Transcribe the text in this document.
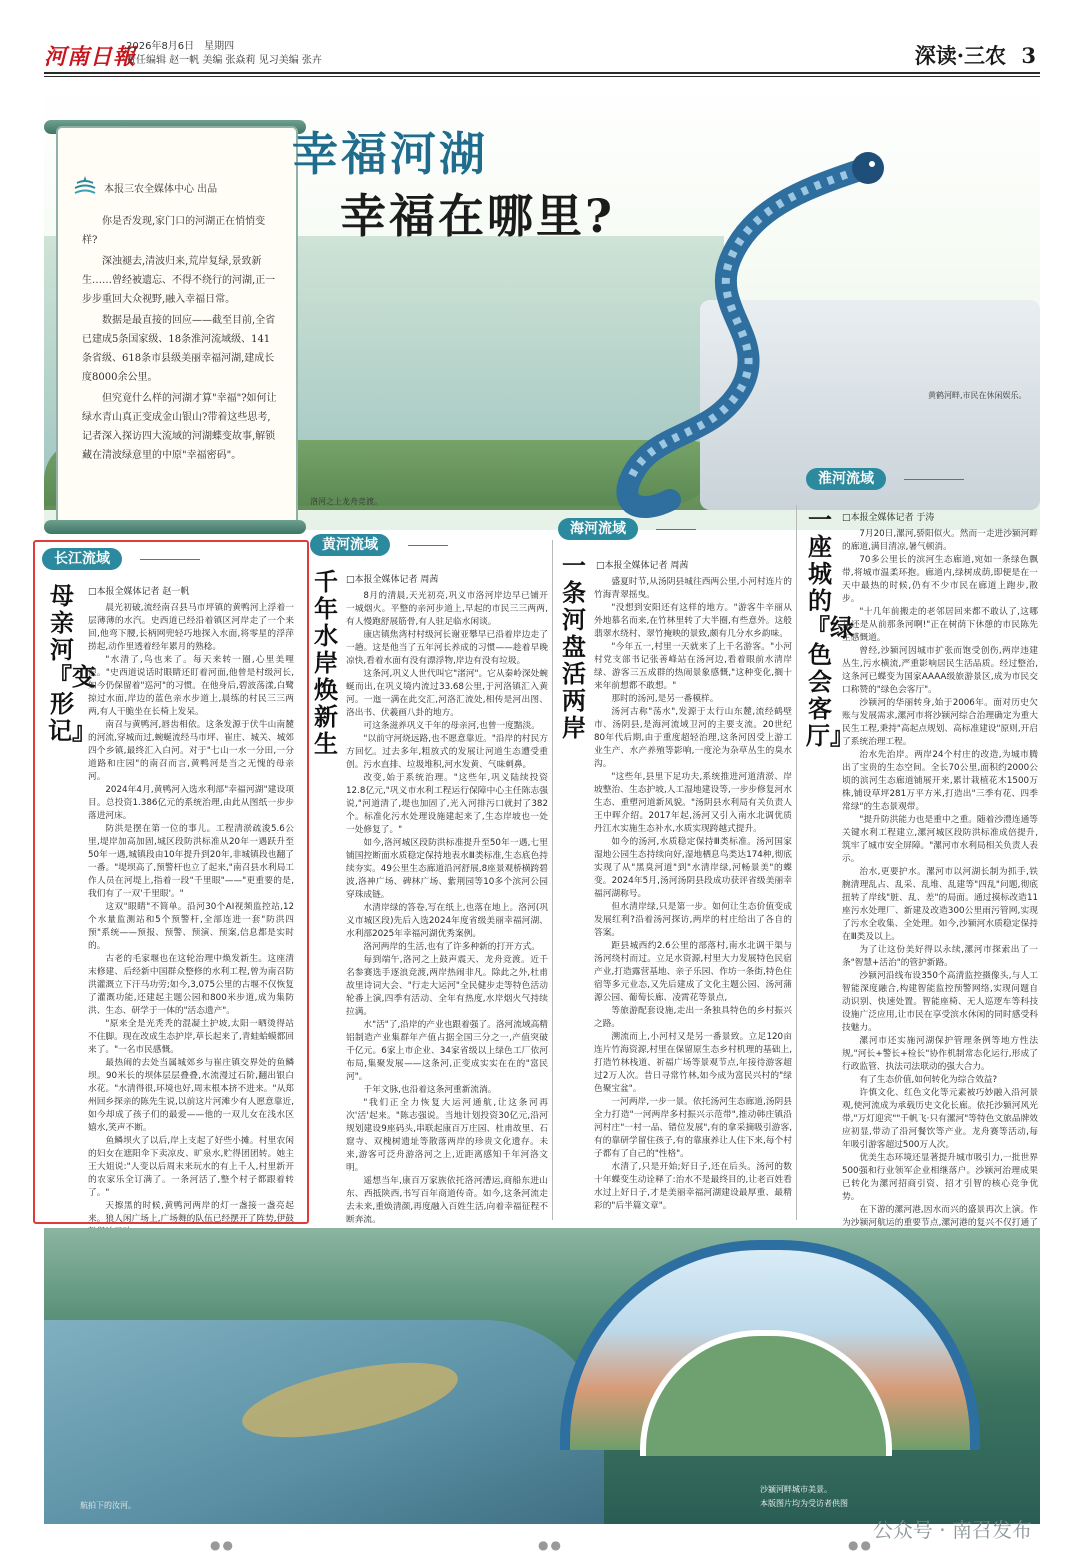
河南日報
2026年8月6日　星期四
责任编辑 赵一帆 美编 张焱莉 见习美编 张卉	深读·三农 3
本报三农全媒体中心 出品

你是否发现,家门口的河湖正在悄悄变样?

深浊褪去,清波归来,荒岸复绿,景致新生……曾经被遗忘、不得不绕行的河湖,正一步步重回大众视野,融入幸福日常。

数据是最直接的回应——截至目前,全省已建成5条国家级、18条淮河流域级、141条省级、618条市县级美丽幸福河湖,建成长度8000余公里。

但究竟什么样的河湖才算"幸福"?如何让绿水青山真正变成金山银山?带着这些思考,记者深入探访四大流域的河湖蝶变故事,解锁藏在清波绿意里的中原"幸福密码"。

幸福河湖
幸福在哪里?
洛河之上龙舟竞渡。
黄鹤河畔,市民在休闲娱乐。
长江流域
母亲河『变形记』
□本报全媒体记者 赵一帆

晨光初破,流经南召县马市坪镇的黄鸭河上浮着一层薄薄的水汽。史西道已经沿着镇区河岸走了一个来回,他弯下腰,长柄网兜轻巧地探入水面,将零星的浮萍捞起,动作里透着经年累月的熟稔。

"水清了,鸟也来了。每天来转一圈,心里美哩恨。"史西道说话时眼睛还盯着河面,他曾是村级河长,如今仍保留着"巡河"的习惯。在他身后,碧波荡漾,白鹭掠过水面,岸边的蓝色亲水步道上,晨练的村民三三两两,有人干脆坐在长椅上发呆。

南召与黄鸭河,唇齿相依。这条发源于伏牛山南麓的河流,穿城而过,蜿蜒流经马市坪、崔庄、城关、城郊四个乡镇,最终汇入白河。对于"七山一水一分田,一分道路和庄园"的南召而言,黄鸭河是当之无愧的母亲河。

2024年4月,黄鸭河入选水利部"幸福河湖"建设项目。总投资1.386亿元的系统治理,由此从图纸一步步落进河床。

防洪是摆在第一位的事儿。工程清淤疏浚5.6公里,堤岸加高加固,城区段防洪标准从20年一遇跃升至50年一遇,城镇段由10年提升到20年,非城镇段也翻了一番。"堤坝高了,预警杆也立了起来,"南召县水利局工作人员在河堤上,指着一段"千里眼"——"更重要的是,我们有了一双'千里眼'。"

这双"眼睛"不简单。沿河30个AI视频监控站,12个水量监测站和5个预警杆,全部连进一套"防洪四预"系统——预报、预警、预演、预案,信息都是实时的。

古老的毛家堰也在这轮治理中焕发新生。这座清末修建、后经新中国群众整修的水利工程,曾为南召防洪灌溉立下汗马功劳;如今,3,075公里的古堰不仅恢复了灌溉功能,还建起主题公园和800米步道,成为集防洪、生态、研学于一体的"活态遗产"。

"原来全是光秃秃的混凝土护坡,太阳一晒烫得站不住脚。现在改成生态护岸,草长起来了,青蛙蛤蟆都回来了。"一名市民感慨。

最热闹的去处当属城郊乡与崔庄镇交界处的鱼鳞坝。90米长的坝体层层叠叠,水流漫过石阶,翻出银白水花。"水清得很,环境也好,周末根本挤不进来。"从郑州回乡探亲的陈先生说,以前这片河滩少有人愿意靠近,如今却成了孩子们的最爱——他的一双儿女在浅水区嬉水,笑声不断。

鱼鳞坝火了以后,岸上支起了好些小摊。村里农闲的妇女在遮阳伞下卖凉皮、旷泉水,贮得团团转。她主王大姐说:"人变以后周末来玩水的有上千人,村里新开的农家乐全订满了。一条河活了,整个村子都跟着转了。"

天擦黑的时候,黄鸭河两岸的灯一盏接一盏亮起来。狼人闲广场上,广场舞的队伍已经摆开了阵势,伊鼓

黄河流域
千年水岸焕新生
□本报全媒体记者 周茜

8月的清晨,天光初亮,巩义市洛河岸边早已铺开一城烟火。平整的亲河步道上,早起的市民三三两两,有人慢跑舒展筋骨,有人驻足临水闲谈。

康店镇焦湾村村级河长谢亚攀早已沿着岸边走了一趟。这是他当了五年河长养成的习惯——趁着早晚凉快,看着水面有没有漂浮物,岸边有没有垃圾。

这条河,巩义人世代叫它"渚河"。它从秦岭深处蜿蜒而出,在巩义境内流过33.68公里,于河洛镇汇入黄河。一迤一满在此交汇,河洛汇流处,相传是河出图、洛出书、伏羲画八卦的地方。

可这条滋养巩义千年的母亲河,也曾一度黯淡。

"以前守河烧远路,也不愿意靠近。"沿岸的村民方方回忆。过去多年,粗放式的发展让河道生态遭受重创。污水直排、垃圾堆积,河水发黄、气味刺鼻。

改变,始于系统治理。"这些年,巩义陆续投资12.8亿元,"巩义市水利工程运行保障中心主任陈志强说,"河道清了,堤也加固了,光入河排污口就封了382个。标准化污水处理设施建起来了,生态岸坡也一处一处修复了。"

如今,洛河城区段防洪标准提升至50年一遇,七里铺国控断面水质稳定保持地表水Ⅲ类标准,生态底色持续夯实。49公里生态廊道沿河舒展,8座景观桥横跨碧波,洛神广场、碑林广场、紫荆园等10多个滨河公园穿珠成链。

水清岸绿的答卷,写在纸上,也落在地上。洛河(巩义市城区段)先后入选2024年度省级美丽幸福河湖、水利部2025年幸福河湖优秀案例。

洛河两岸的生活,也有了许多种新的打开方式。

每到端午,洛河之上鼓声震天、龙舟竞渡。近千名参赛选手逐浪竞渡,两岸热闹非凡。除此之外,杜甫故里诗词大会、"行走大运河"全民健步走等特色活动轮番上演,四季有活动、全年有热度,水岸烟火气持续拉满。

水"活"了,沿岸的产业也跟着强了。洛河流域高精铝制造产业集群年产值占据全国三分之一,产值突破千亿元。6家上市企业、34家省级以上绿色工厂依河布局,集聚发展——这条河,正变成实实在在的"富民河"。

千年文脉,也沿着这条河重新流淌。

"我们正全力恢复大运河通航,让这条河再次'活'起来。"陈志强说。当地计划投资30亿元,沿河规划建设9座码头,串联起康百万庄园、杜甫故里、石窟寺、双槐树遗址等散落两岸的珍贵文化遗存。未来,游客可泛舟游洛河之上,近距离感知千年河洛文明。

遥想当年,康百万家族依托洛河漕运,商船东进山东、西抵陕西,书写百年商道传奇。如今,这条河流走去未来,重焕清颜,再度融入百姓生活,向着幸福征程不断奔流。

海河流域
一条河盘活两岸
□本报全媒体记者 周茜

盛夏时节,从汤阴县城往西两公里,小河村连片的竹海青翠摇曳。

"没想到安阳还有这样的地方。"游客牛辛丽从外地慕名而来,在竹林里转了大半圈,有些意外。这般翡翠水绕村、翠竹掩映的景致,颇有几分水乡韵味。

"今年五一,村里一天就来了上千名游客。"小河村党支部书记张善峰站在汤河边,看着眼前水清岸绿、游客三五成群的热闹景象感慨,"这种变化,搁十来年前想都不敢想。"

那时的汤河,是另一番模样。

汤河古称"荡水",发源于太行山东麓,流经鹤壁市、汤阴县,是海河流域卫河的主要支流。20世纪80年代后期,由于重度超轻治理,这条河因受上游工业生产、水产养殖等影响,一度沦为杂草丛生的臭水沟。

"这些年,县里下足功夫,系统推进河道清淤、岸坡整治、生态护坡,人工湿地建设等,一步步修复河水生态、重塑河道新风貌。"汤阴县水利局有关负责人王中晖介绍。2017年起,汤河又引入南水北调优质丹江水实施生态补水,水质实现跨越式提升。

如今的汤河,水质稳定保持Ⅲ类标准。汤河国家湿地公园生态持续向好,湿地栖息鸟类达174种,彻底实现了从"黑臭河道"到"水清岸绿,河畅景美"的蝶变。2024年5月,汤河汤阴县段成功获评省级美丽幸福河湖称号。

但水清岸绿,只是第一步。如何让生态价值变成发展红利?沿着汤河探访,两岸的村庄给出了各自的答案。

距县城西约2.6公里的部落村,南水北调干渠与汤河绕村而过。立足水资源,村里大力发展特色民宿产业,打造露营基地、亲子乐园、作坊一条街,特色住宿等多元业态,又先后建成了文化主题公园、汤河蒲源公园、葡萄长廊、凌霄花等景点,

等旅游配套设施,走出一条独具特色的乡村振兴之路。

溯流而上,小河村又是另一番景致。立足120亩连片竹海资源,村里在保留原生态乡村机理的基础上,打造竹林栈道、祈福广场等景观节点,年接待游客超过2万人次。昔日寻常竹林,如今成为富民兴村的"绿色聚宝盆"。

一河两岸,一步一景。依托汤河生态廊道,汤阴县全力打造"一河两岸多村振兴示范带",推动韩庄镇沿河村庄"一村一品、错位发展",有的拿采摘吸引游客,有的靠研学留住孩子,有的靠康养让人住下来,每个村子都有了自己的"性格"。

水清了,只是开始;好日子,还在后头。汤河的数十年蝶变生动诠释了:治水不是最终目的,让老百姓看水过上好日子,才是美丽幸福河湖建设最厚重、最精彩的"后半篇文章"。

淮河流域
一座城的『绿色会客厅』
□本报全媒体记者 于涛

7月20日,漯河,骄阳似火。然而一走进沙颍河畔的廊道,满目清凉,暑气顿消。

70多公里长的滨河生态廊道,宛如一条绿色飘带,将城市温柔环抱。廊道内,绿树成荫,即便是在一天中最热的时候,仍有不少市民在廊道上跑步,散步。

"十几年前搬走的老邻居回来都不敢认了,这哪儿还是从前那条河啊!"正在树荫下休憩的市民陈先生感慨道。

曾经,沙颍河因城市扩张而饱受创伤,两岸违建丛生,污水横流,严重影响居民生活品质。经过整治,这条河已蝶变为国家AAAA级旅游景区,成为市民交口称赞的"绿色会客厅"。

沙颍河的华丽转身,始于2006年。面对历史欠账与发展需求,漯河市将沙颍河综合治理确定为重大民生工程,秉持"高起点规划、高标准建设"原则,开启了系统治理工程。

治水先治岸。两岸24个村庄的改造,为城市腾出了宝贵的生态空间。全长70公里,面积约2000公顷的滨河生态廊道铺展开来,累计栽植花木1500万株,铺设草坪281万平方米,打造出"三季有花、四季常绿"的生态景观带。

"提升防洪能力也是重中之重。随着沙澧连通等关键水利工程建立,漯河城区段防洪标准成倍提升,筑牢了城市安全屏障。"漯河市水利局相关负责人表示。

治水,更要护水。漯河市以河湖长制为抓手,铁腕清理乱占、乱采、乱堆、乱建等"四乱"问题,彻底扭转了岸线"脏、乱、差"的局面。通过摸标改造11座污水处理厂、新建及改造300公里雨污管网,实现了污水全收集、全处理。如今,沙颍河水质稳定保持在Ⅲ类及以上。

为了让这份美好得以永续,漯河市探索出了一条"智慧+活治"的管护新路。

沙颍河沿线布设350个高清监控摄像头,与人工智能深度融合,构建智能监控预警网络,实现问题自动识别、快速处置。智能座椅、无人巡逻车等科技设施广泛应用,让市民在享受滨水休闲的同时感受科技魅力。

漯河市还实施河湖保护管理条例等地方性法规,"河长+警长+检长"协作机制常态化运行,形成了行政监管、执法司法联动的强大合力。

有了生态价值,如何转化为综合效益?

许慎文化、红色文化等元素被巧妙融入沿河景观,使河流成为承载历史文化长廊。依托沙颍河风光带,"万灯迎宾""千帆飞·只有漯河"等特色文旅品牌效应初显,带动了沿河餐饮等产业。龙舟赛等活动,每年吸引游客超过500万人次。

优美生态环境还显著提升城市吸引力,一批世界500强和行业领军企业相继落户。沙颍河治理成果已转化为漯河招商引资、招才引智的核心竞争优势。

在下游的漯河港,因水而兴的盛景再次上演。作为沙颍河航运的重要节点,漯河港的复兴不仅打通了

航拍下的汝河。
沙颍河畔城市美景。
本版图片均为受访者供图
●●	●●	●●
公众号 · 南召发布
